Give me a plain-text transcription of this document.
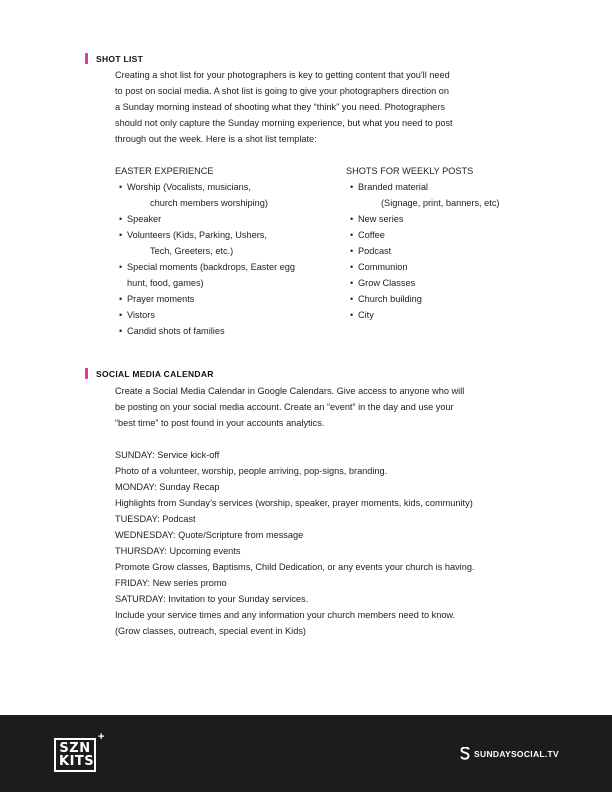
SHOT LIST

Creating a shot list for your photographers is key to getting content that you'll need

to post on social media. A shot list is going to give your photographers direction on

a Sunday morning instead of shooting what they “think” you need. Photographers

should not only capture the Sunday morning experience, but what you need to post

through out the week. Here is a shot list template:

EASTER EXPERIENCE
• Worship (Vocalists, musicians,
church members worshiping)
• Speaker
• Volunteers (Kids, Parking, Ushers,
Tech, Greeters, etc.)
• Special moments (backdrops, Easter egg
hunt, food, games)
• Prayer moments
• Vistors
• Candid shots of families
SHOTS FOR WEEKLY POSTS
• Branded material
(Signage, print, banners, etc)
• New series
• Coffee
• Podcast
• Communion
• Grow Classes
• Church building
• City
SOCIAL MEDIA CALENDAR

Create a Social Media Calendar in Google Calendars. Give access to anyone who will

be posting on your social media account. Create an “event” in the day and use your

“best time” to post found in your accounts analytics.

SUNDAY: Service kick-off
Photo of a volunteer, worship, people arriving, pop-signs, branding.
MONDAY: Sunday Recap
Highlights from Sunday’s services (worship, speaker, prayer moments, kids, community)
TUESDAY: Podcast
WEDNESDAY: Quote/Scripture from message
THURSDAY: Upcoming events
Promote Grow classes, Baptisms, Child Dedication, or any events your church is having.
FRIDAY: New series promo
SATURDAY: Invitation to your Sunday services.
Include your service times and any information your church members need to know.
(Grow classes, outreach, special event in Kids)
SZN
KITS
+
SUNDAYSOCIAL.TV
